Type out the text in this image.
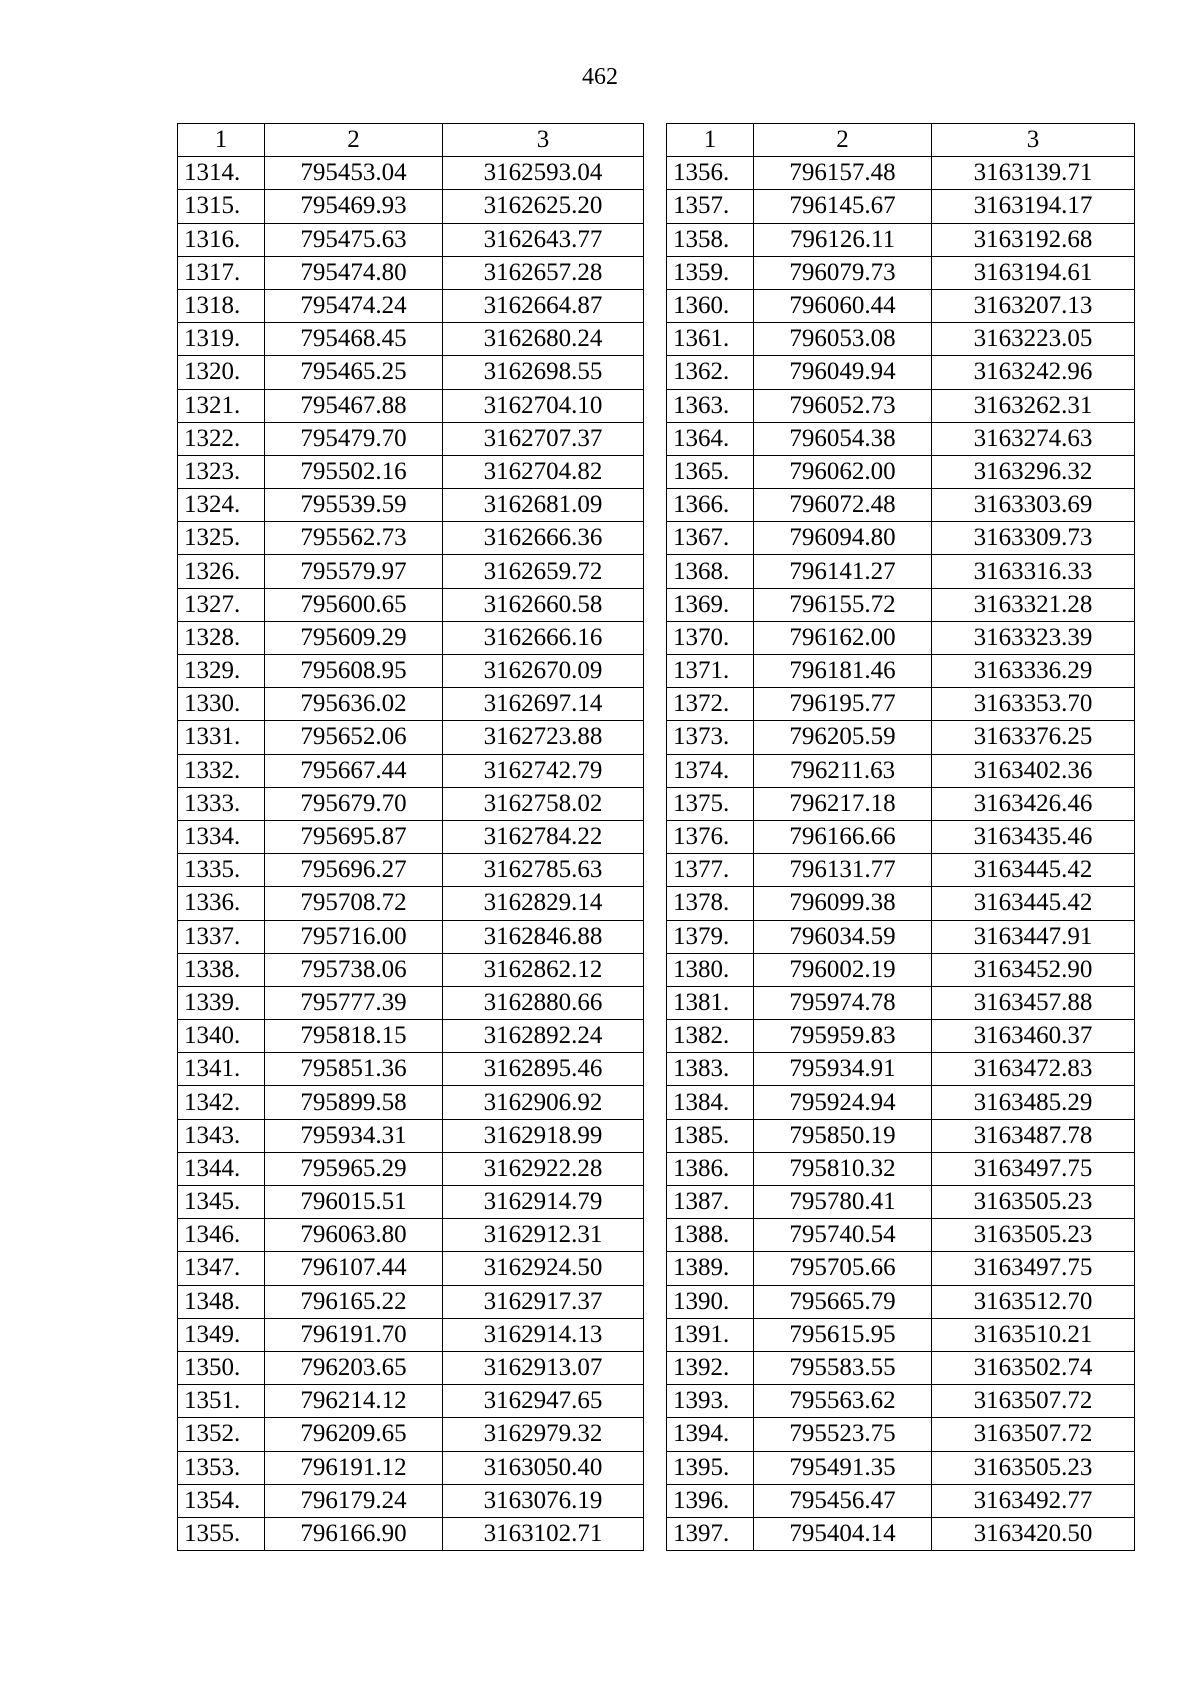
462
1	2	3
1314.	795453.04	3162593.04
1315.	795469.93	3162625.20
1316.	795475.63	3162643.77
1317.	795474.80	3162657.28
1318.	795474.24	3162664.87
1319.	795468.45	3162680.24
1320.	795465.25	3162698.55
1321.	795467.88	3162704.10
1322.	795479.70	3162707.37
1323.	795502.16	3162704.82
1324.	795539.59	3162681.09
1325.	795562.73	3162666.36
1326.	795579.97	3162659.72
1327.	795600.65	3162660.58
1328.	795609.29	3162666.16
1329.	795608.95	3162670.09
1330.	795636.02	3162697.14
1331.	795652.06	3162723.88
1332.	795667.44	3162742.79
1333.	795679.70	3162758.02
1334.	795695.87	3162784.22
1335.	795696.27	3162785.63
1336.	795708.72	3162829.14
1337.	795716.00	3162846.88
1338.	795738.06	3162862.12
1339.	795777.39	3162880.66
1340.	795818.15	3162892.24
1341.	795851.36	3162895.46
1342.	795899.58	3162906.92
1343.	795934.31	3162918.99
1344.	795965.29	3162922.28
1345.	796015.51	3162914.79
1346.	796063.80	3162912.31
1347.	796107.44	3162924.50
1348.	796165.22	3162917.37
1349.	796191.70	3162914.13
1350.	796203.65	3162913.07
1351.	796214.12	3162947.65
1352.	796209.65	3162979.32
1353.	796191.12	3163050.40
1354.	796179.24	3163076.19
1355.	796166.90	3163102.71
1	2	3
1356.	796157.48	3163139.71
1357.	796145.67	3163194.17
1358.	796126.11	3163192.68
1359.	796079.73	3163194.61
1360.	796060.44	3163207.13
1361.	796053.08	3163223.05
1362.	796049.94	3163242.96
1363.	796052.73	3163262.31
1364.	796054.38	3163274.63
1365.	796062.00	3163296.32
1366.	796072.48	3163303.69
1367.	796094.80	3163309.73
1368.	796141.27	3163316.33
1369.	796155.72	3163321.28
1370.	796162.00	3163323.39
1371.	796181.46	3163336.29
1372.	796195.77	3163353.70
1373.	796205.59	3163376.25
1374.	796211.63	3163402.36
1375.	796217.18	3163426.46
1376.	796166.66	3163435.46
1377.	796131.77	3163445.42
1378.	796099.38	3163445.42
1379.	796034.59	3163447.91
1380.	796002.19	3163452.90
1381.	795974.78	3163457.88
1382.	795959.83	3163460.37
1383.	795934.91	3163472.83
1384.	795924.94	3163485.29
1385.	795850.19	3163487.78
1386.	795810.32	3163497.75
1387.	795780.41	3163505.23
1388.	795740.54	3163505.23
1389.	795705.66	3163497.75
1390.	795665.79	3163512.70
1391.	795615.95	3163510.21
1392.	795583.55	3163502.74
1393.	795563.62	3163507.72
1394.	795523.75	3163507.72
1395.	795491.35	3163505.23
1396.	795456.47	3163492.77
1397.	795404.14	3163420.50
